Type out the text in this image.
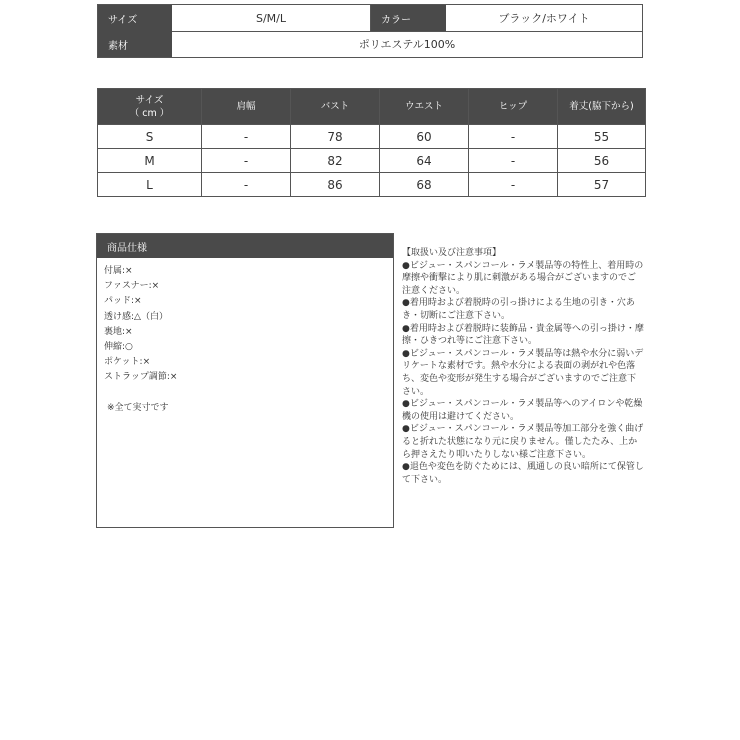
サイズ	S/M/L	カラー	ブラック/ホワイト
素材	ポリエステル100%
サイズ
（ cm ）	肩幅	バスト	ウエスト	ヒップ	着丈(脇下から)
S	-	78	60	-	55
M	-	82	64	-	56
L	-	86	68	-	57
商品仕様
付属:×
ファスナー:×
パッド:×
透け感:△（白）
裏地:×
伸縮:○
ポケット:×
ストラップ調節:×
※全て実寸です
【取扱い及び注意事項】

●ビジュー・スパンコール・ラメ製品等の特性上、着用時の摩擦や衝撃により肌に刺激がある場合がございますのでご注意ください。

●着用時および着脱時の引っ掛けによる生地の引き・穴あき・切断にご注意下さい。

●着用時および着脱時に装飾品・貴金属等への引っ掛け・摩擦・ひきつれ等にご注意下さい。

●ビジュー・スパンコール・ラメ製品等は熱や水分に弱いデリケートな素材です。熱や水分による表面の剥がれや色落ち、変色や変形が発生する場合がございますのでご注意下さい。

●ビジュー・スパンコール・ラメ製品等へのアイロンや乾燥機の使用は避けてください。

●ビジュー・スパンコール・ラメ製品等加工部分を強く曲げると折れた状態になり元に戻りません。僅したたみ、上から押さえたり叩いたりしない様ご注意下さい。

●退色や変色を防ぐためには、風通しの良い暗所にて保管して下さい。
